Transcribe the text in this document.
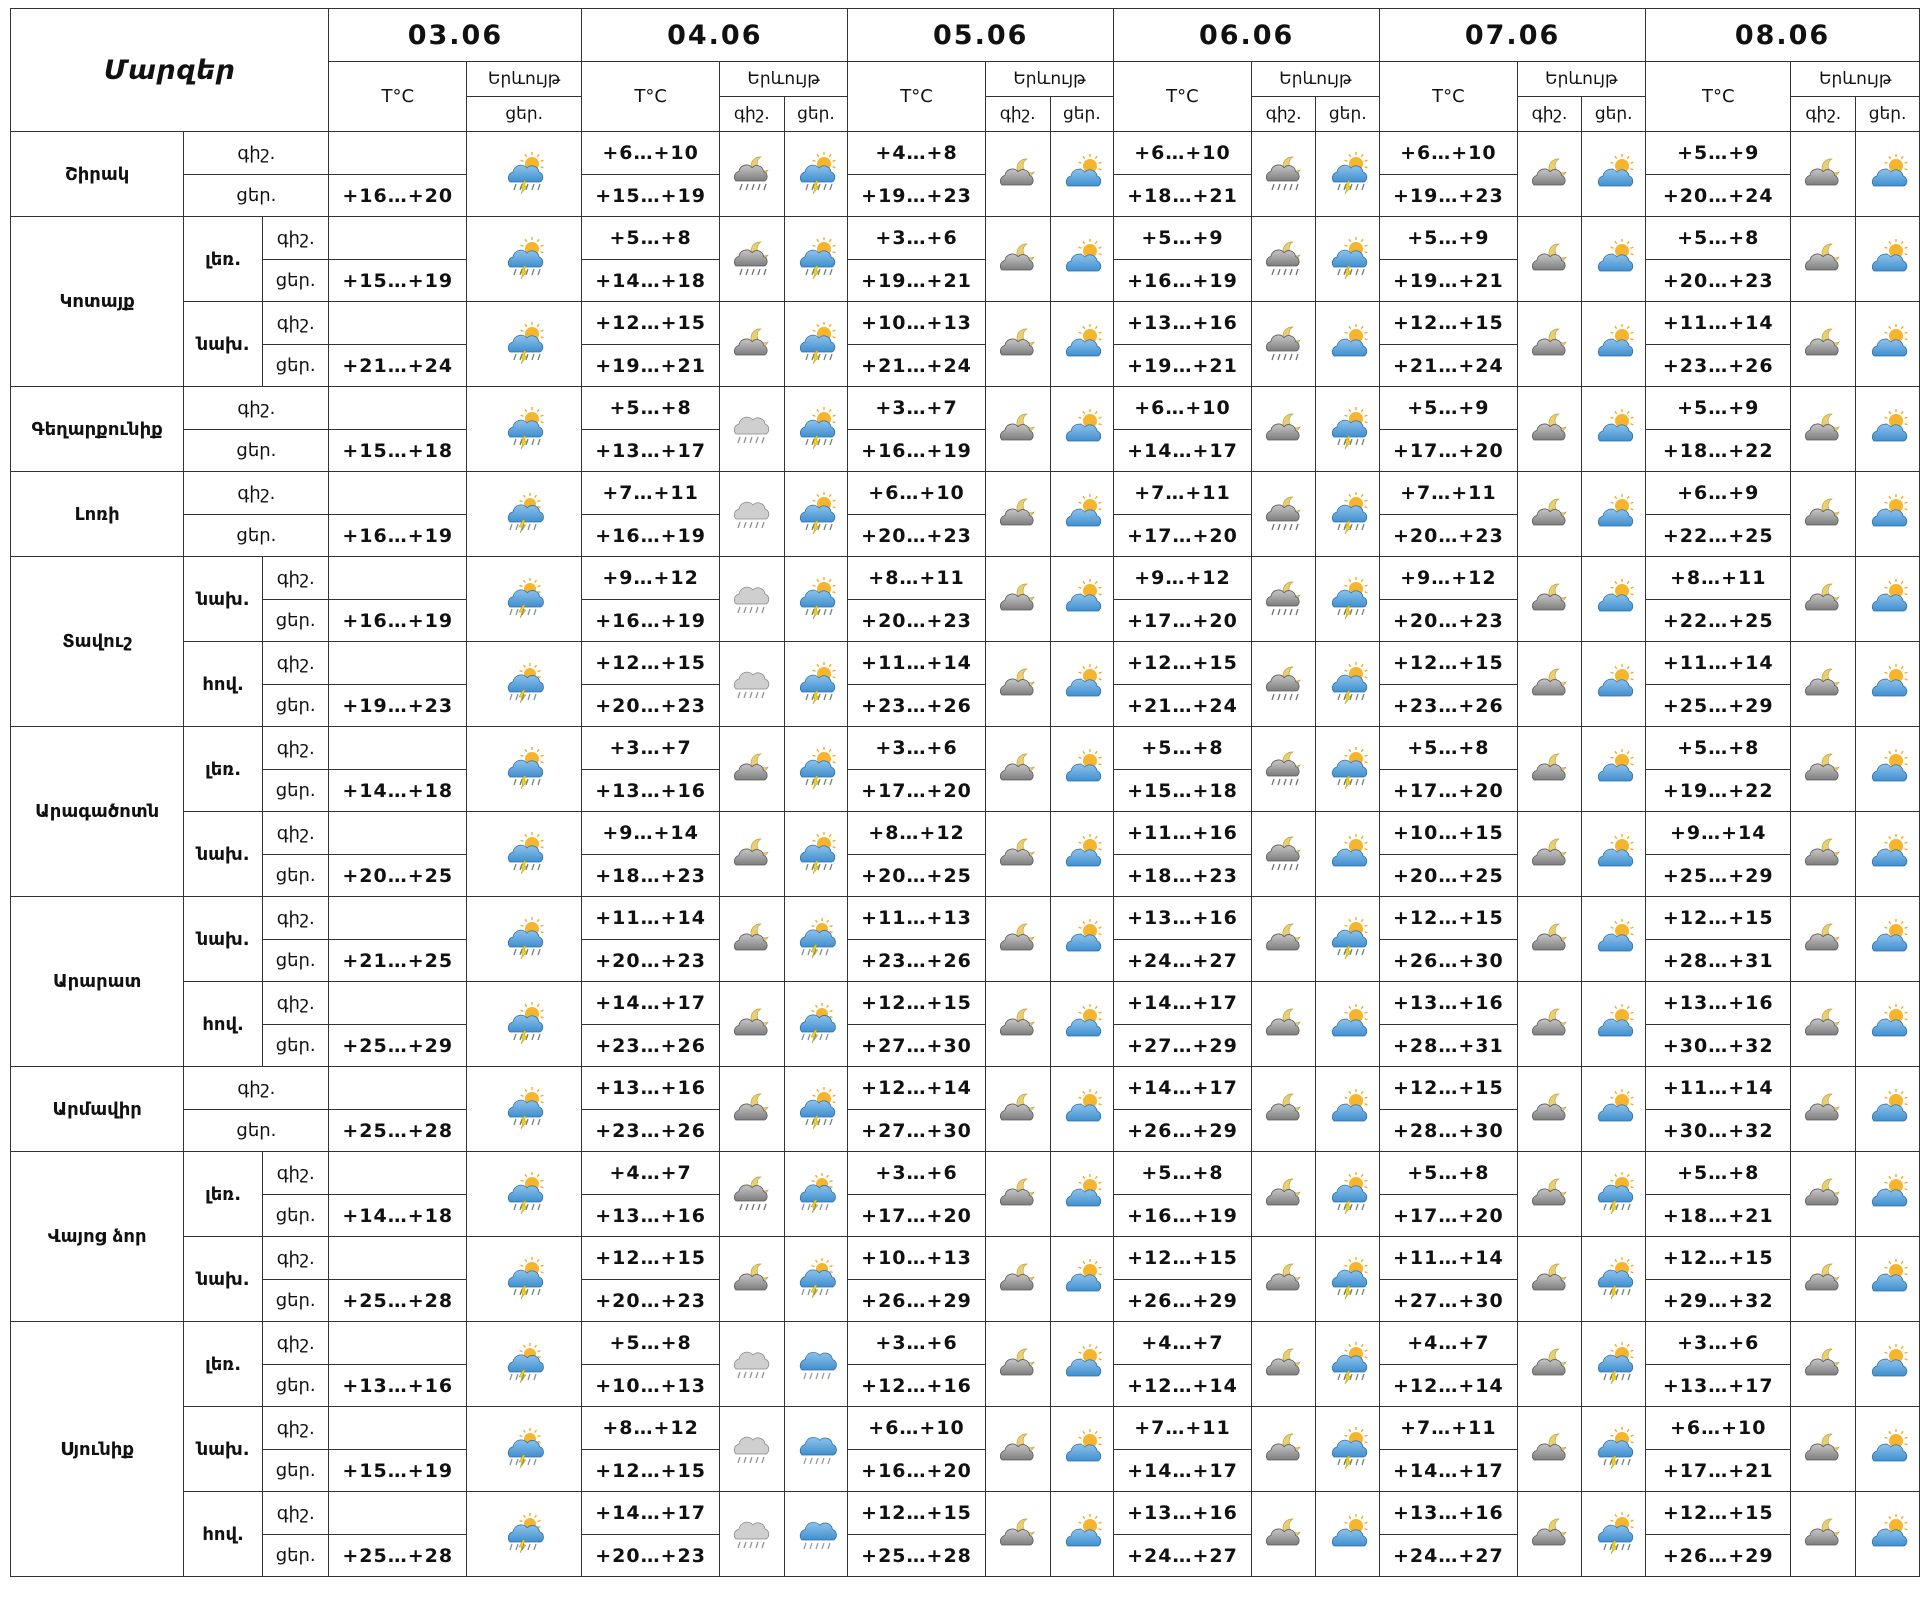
Մարզեր			03.06		04.06			05.06			06.06			07.06			08.06		
			T°C	Երևույթ	T°C	Երևույթ		T°C	Երևույթ		T°C	Երևույթ		T°C	Երևույթ		T°C	Երևույթ	
				ցեր.		գիշ.	ցեր.		գիշ.	ցեր.		գիշ.	ցեր.		գիշ.	ցեր.		գիշ.	ցեր.
Շիրակ	գիշ.				+6…+10			+4…+8			+6…+10			+6…+10			+5…+9	

	ցեր.		+16…+20		+15…+19			+19…+23			+18…+21			+19…+23			+20…+24		
Կոտայք	լեռ.	գիշ.			+5…+8			+3…+6			+5…+9			+5…+9			+5…+8	

		ցեր.	+15…+19		+14…+18			+19…+21			+16…+19			+19…+21			+20…+23		
	նախ.	գիշ.			+12…+15			+10…+13			+13…+16			+12…+15			+11…+14	

		ցեր.	+21…+24		+19…+21			+21…+24			+19…+21			+21…+24			+23…+26		
Գեղարքունիք	գիշ.				+5…+8			+3…+7			+6…+10			+5…+9			+5…+9	

	ցեր.		+15…+18		+13…+17			+16…+19			+14…+17			+17…+20			+18…+22		
Լոռի	գիշ.				+7…+11			+6…+10			+7…+11			+7…+11			+6…+9	

	ցեր.		+16…+19		+16…+19			+20…+23			+17…+20			+20…+23			+22…+25		
Տավուշ	նախ.	գիշ.			+9…+12			+8…+11			+9…+12			+9…+12			+8…+11	

		ցեր.	+16…+19		+16…+19			+20…+23			+17…+20			+20…+23			+22…+25		
	հով.	գիշ.			+12…+15			+11…+14			+12…+15			+12…+15			+11…+14	

		ցեր.	+19…+23		+20…+23			+23…+26			+21…+24			+23…+26			+25…+29		
Արագածոտն	լեռ.	գիշ.			+3…+7			+3…+6			+5…+8			+5…+8			+5…+8	

		ցեր.	+14…+18		+13…+16			+17…+20			+15…+18			+17…+20			+19…+22		
	նախ.	գիշ.			+9…+14			+8…+12			+11…+16			+10…+15			+9…+14	

		ցեր.	+20…+25		+18…+23			+20…+25			+18…+23			+20…+25			+25…+29		
Արարատ	նախ.	գիշ.			+11…+14			+11…+13			+13…+16			+12…+15			+12…+15	

		ցեր.	+21…+25		+20…+23			+23…+26			+24…+27			+26…+30			+28…+31		
	հով.	գիշ.			+14…+17			+12…+15			+14…+17			+13…+16			+13…+16	

		ցեր.	+25…+29		+23…+26			+27…+30			+27…+29			+28…+31			+30…+32		
Արմավիր	գիշ.				+13…+16			+12…+14			+14…+17			+12…+15			+11…+14	

	ցեր.		+25…+28		+23…+26			+27…+30			+26…+29			+28…+30			+30…+32		
Վայոց ձոր	լեռ.	գիշ.			+4…+7			+3…+6			+5…+8			+5…+8			+5…+8	

		ցեր.	+14…+18		+13…+16			+17…+20			+16…+19			+17…+20			+18…+21		
	նախ.	գիշ.			+12…+15			+10…+13			+12…+15			+11…+14			+12…+15	

		ցեր.	+25…+28		+20…+23			+26…+29			+26…+29			+27…+30			+29…+32		
Սյունիք	լեռ.	գիշ.			+5…+8			+3…+6			+4…+7			+4…+7			+3…+6	

		ցեր.	+13…+16		+10…+13			+12…+16			+12…+14			+12…+14			+13…+17		
	նախ.	գիշ.			+8…+12			+6…+10			+7…+11			+7…+11			+6…+10	

		ցեր.	+15…+19		+12…+15			+16…+20			+14…+17			+14…+17			+17…+21		
	հով.	գիշ.			+14…+17			+12…+15			+13…+16			+13…+16			+12…+15	

		ցեր.	+25…+28		+20…+23			+25…+28			+24…+27			+24…+27			+26…+29		
